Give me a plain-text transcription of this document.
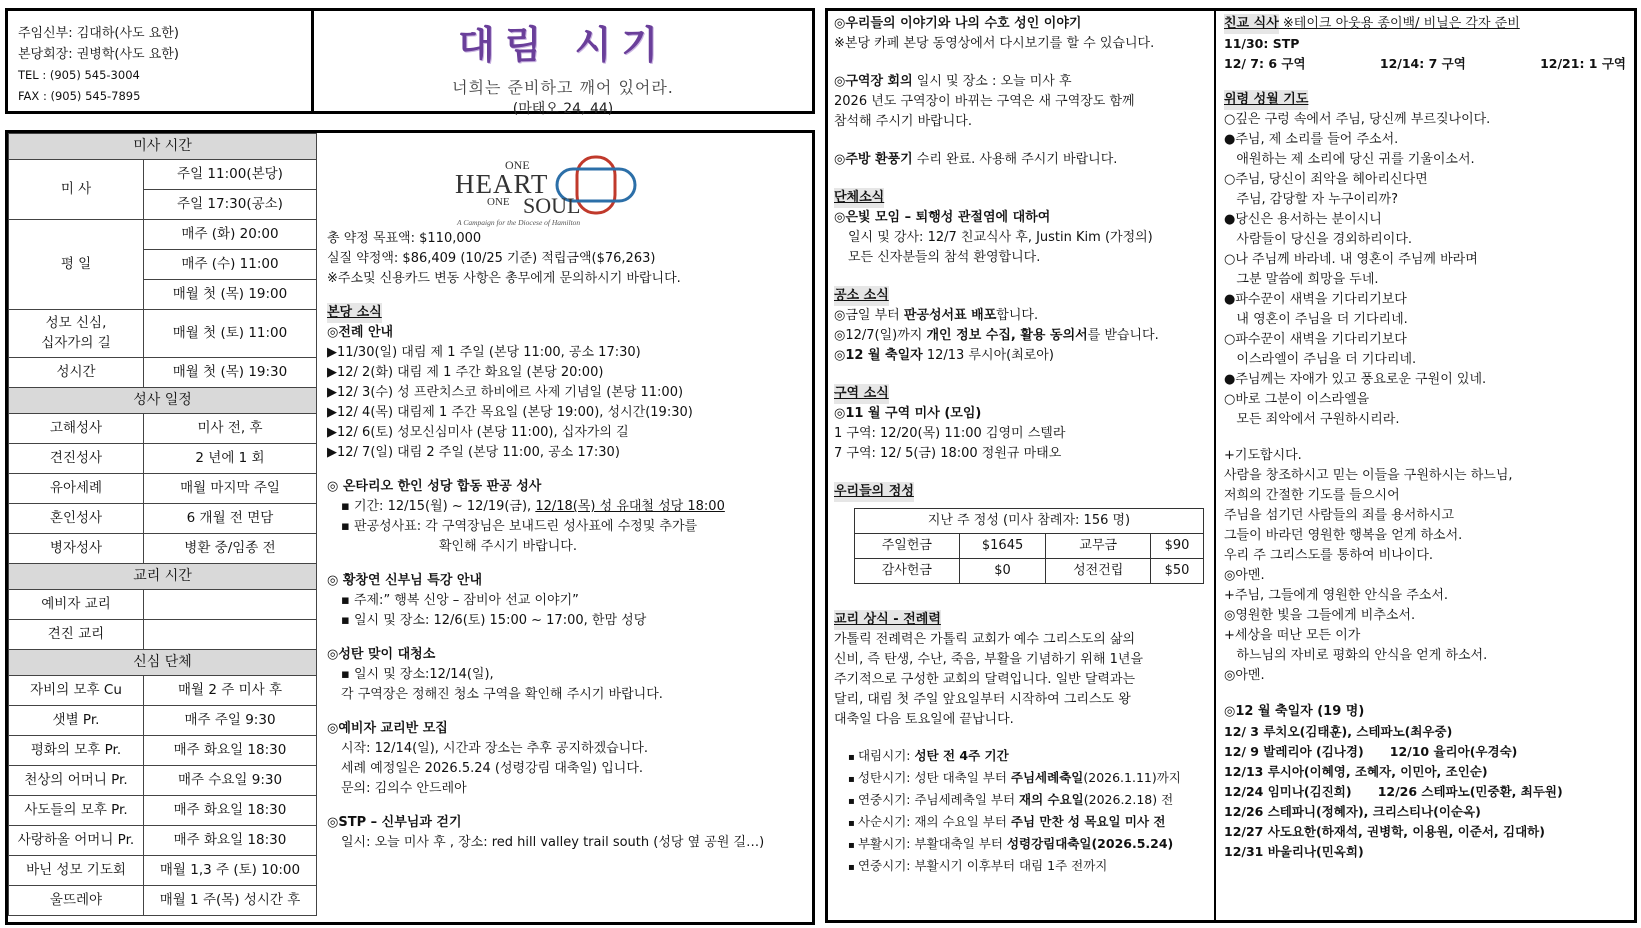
주임신부: 김대하(사도 요한)
본당회장: 권병학(사도 요한)
TEL : (905) 545-3004
FAX : (905) 545-7895
대림 시기
너희는 준비하고 깨어 있어라.
(마태오 24, 44)
미사 시간	
미 사	주일 11:00(본당)
	주일 17:30(공소)
평 일	매주 (화) 20:00
	매주 (수) 11:00
	매월 첫 (목) 19:00
성모 신심,
십자가의 길	매월 첫 (토) 11:00
성시간	매월 첫 (목) 19:30
성사 일정	
고해성사	미사 전, 후
견진성사	2 년에 1 회
유아세례	매월 마지막 주일
혼인성사	6 개월 전 면담
병자성사	병환 중/임종 전
교리 시간	
예비자 교리	
견진 교리	
신심 단체	
자비의 모후 Cu	매월 2 주 미사 후
샛별 Pr.	매주 주일 9:30
평화의 모후 Pr.	매주 화요일 18:30
천상의 어머니 Pr.	매주 수요일 9:30
사도들의 모후 Pr.	매주 화요일 18:30
사랑하올 어머니 Pr.	매주 화요일 18:30
바닌 성모 기도회	매월 1,3 주 (토) 10:00
울뜨레야	매월 1 주(목) 성시간 후
ONE
HEART
ONE SOUL
A Campaign for the Diocese of Hamilton
총 약정 목표액: $110,000
실질 약정액: $86,409 (10/25 기준) 적립금액($76,263)
※주소및 신용카드 변동 사항은 총무에게 문의하시기 바랍니다.
본당 소식
◎전례 안내
▶11/30(일) 대림 제 1 주일 (본당 11:00, 공소 17:30)
▶12/ 2(화) 대림 제 1 주간 화요일 (본당 20:00)
▶12/ 3(수) 성 프란치스코 하비에르 사제 기념일 (본당 11:00)
▶12/ 4(목) 대림제 1 주간 목요일 (본당 19:00), 성시간(19:30)
▶12/ 6(토) 성모신심미사 (본당 11:00), 십자가의 길
▶12/ 7(일) 대림 2 주일 (본당 11:00, 공소 17:30)
◎ 온타리오 한인 성당 합동 판공 성사
▪ 기간: 12/15(월) ~ 12/19(금), 12/18(목) 성 유대철 성당 18:00
▪ 판공성사표: 각 구역장님은 보내드린 성사표에 수정및 추가를
확인해 주시기 바랍니다.
◎ 황창연 신부님 특강 안내
▪ 주제:” 행복 신앙 – 잠비아 선교 이야기”
▪ 일시 및 장소: 12/6(토) 15:00 ~ 17:00, 한맘 성당
◎성탄 맞이 대청소
▪ 일시 및 장소:12/14(일),
각 구역장은 정해진 청소 구역을 확인해 주시기 바랍니다.
◎예비자 교리반 모집
시작: 12/14(일), 시간과 장소는 추후 공지하겠습니다.
세례 예정일은 2026.5.24 (성령강림 대축일) 입니다.
문의: 김의수 안드레아
◎STP – 신부님과 걷기
일시: 오늘 미사 후 , 장소: red hill valley trail south (성당 옆 공원 길…)
◎우리들의 이야기와 나의 수호 성인 이야기
※본당 카페 본당 동영상에서 다시보기를 할 수 있습니다.
◎구역장 회의 일시 및 장소 : 오늘 미사 후
2026 년도 구역장이 바뀌는 구역은 새 구역장도 함께
참석해 주시기 바랍니다.
◎주방 환풍기 수리 완료. 사용해 주시기 바랍니다.
단체소식
◎은빛 모임 – 퇴행성 관절염에 대하여
일시 및 강사: 12/7 친교식사 후, Justin Kim (가정의)
모든 신자분들의 참석 환영합니다.
공소 소식
◎금일 부터 판공성서표 배포합니다.
◎12/7(일)까지 개인 정보 수집, 활용 동의서를 받습니다.
◎12 월 축일자 12/13 루시아(최로아)
구역 소식
◎11 월 구역 미사 (모임)
1 구역: 12/20(목) 11:00 김영미 스텔라
7 구역: 12/ 5(금) 18:00 정원규 마태오
우리들의 정성
지난 주 정성 (미사 참례자: 156 명)			
주일헌금	$1645	교무금	$90
감사헌금	$0	성전건립	$50
교리 상식 - 전례력
가톨릭 전례력은 가톨릭 교회가 예수 그리스도의 삶의
신비, 즉 탄생, 수난, 죽음, 부활을 기념하기 위해 1년을
주기적으로 구성한 교회의 달력입니다. 일반 달력과는
달리, 대림 첫 주일 앞요일부터 시작하여 그리스도 왕
대축일 다음 토요일에 끝납니다.
▪ 대림시기: 성탄 전 4주 기간
▪ 성탄시기: 성탄 대축일 부터 주님세례축일(2026.1.11)까지
▪ 연중시기: 주님세례축일 부터 재의 수요일(2026.2.18) 전
▪ 사순시기: 재의 수요일 부터 주님 만찬 성 목요일 미사 전
▪ 부활시기: 부활대축일 부터 성령강림대축일(2026.5.24)
▪ 연중시기: 부활시기 이후부터 대림 1주 전까지
친교 식사 ※테이크 아웃용 종이백/ 비닐은 각자 준비
11/30: STP
12/ 7: 6 구역	12/14: 7 구역	12/21: 1 구역
위령 성월 기도
○깊은 구렁 속에서 주님, 당신께 부르짖나이다.
●주님, 제 소리를 들어 주소서.
애원하는 제 소리에 당신 귀를 기울이소서.
○주님, 당신이 죄악을 헤아리신다면
주님, 감당할 자 누구이리까?
●당신은 용서하는 분이시니
사람들이 당신을 경외하리이다.
○나 주님께 바라네. 내 영혼이 주님께 바라며
그분 말씀에 희망을 두네.
●파수꾼이 새벽을 기다리기보다
내 영혼이 주님을 더 기다리네.
○파수꾼이 새벽을 기다리기보다
이스라엘이 주님을 더 기다리네.
●주님께는 자애가 있고 풍요로운 구원이 있네.
○바로 그분이 이스라엘을
모든 죄악에서 구원하시리라.
+기도합시다.
사람을 창조하시고 믿는 이들을 구원하시는 하느님,
저희의 간절한 기도를 들으시어
주님을 섬기던 사람들의 죄를 용서하시고
그들이 바라던 영원한 행복을 얻게 하소서.
우리 주 그리스도를 통하여 비나이다.
◎아멘.
+주님, 그들에게 영원한 안식을 주소서.
◎영원한 빛을 그들에게 비추소서.
+세상을 떠난 모든 이가
하느님의 자비로 평화의 안식을 얻게 하소서.
◎아멘.
◎12 월 축일자 (19 명)
12/ 3 루치오(김태훈), 스테파노(최우중)
12/ 9 발레리아 (김나경)      12/10 율리아(우경숙)
12/13 루시아(이혜영, 조혜자, 이민아, 조인순)
12/24 임미나(김진희)      12/26 스테파노(민중환, 최두원)
12/26 스테파니(정혜자), 크리스티나(이순옥)
12/27 사도요한(하재석, 권병학, 이용원, 이준서, 김대하)
12/31 바울리나(민옥희)
